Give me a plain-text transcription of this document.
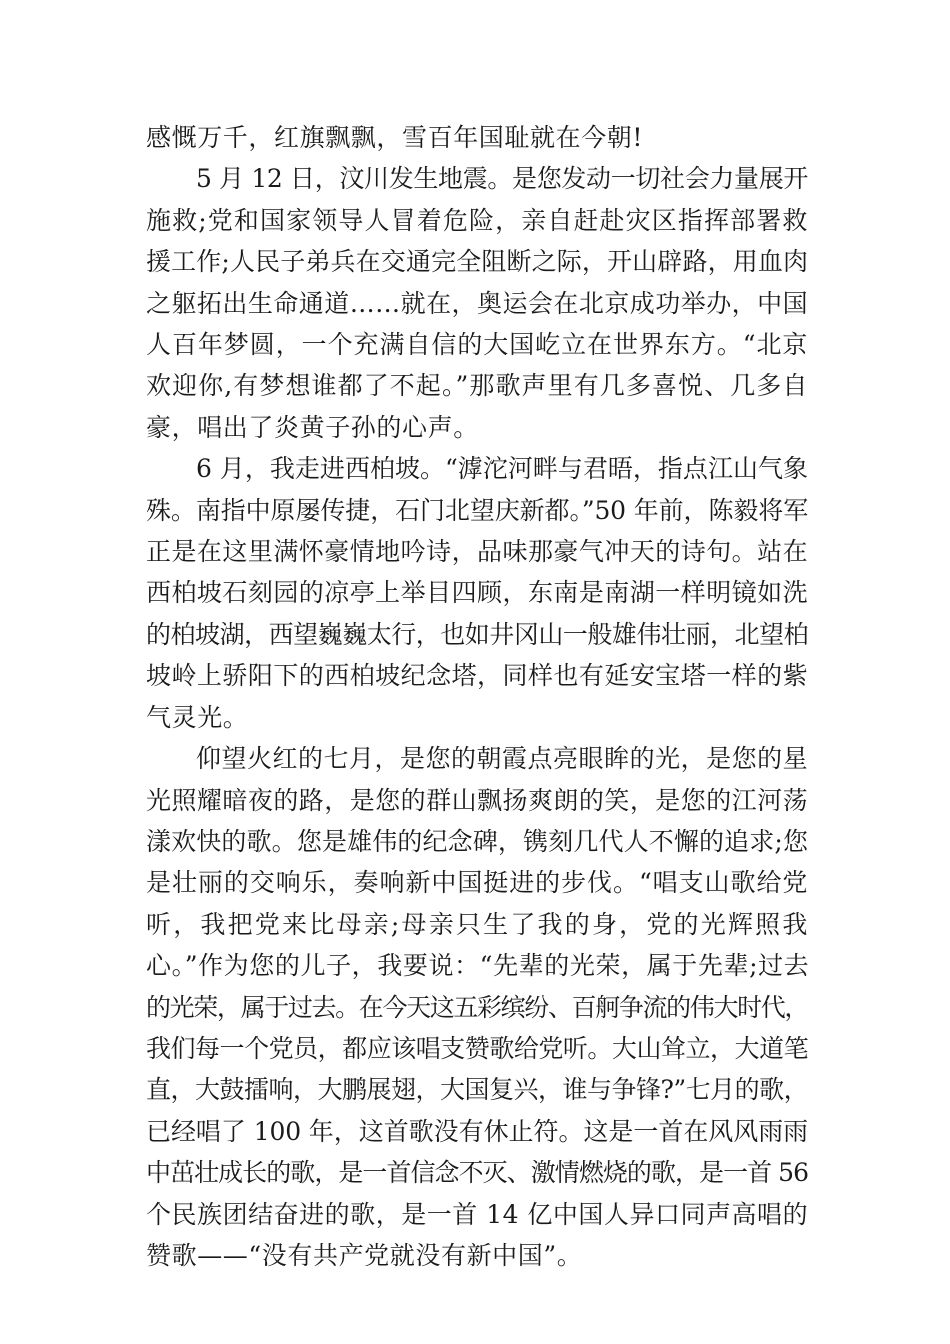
感慨万千，红旗飘飘，雪百年国耻就在今朝!
5 月 12 日，汶川发生地震。是您发动一切社会力量展开
施救;党和国家领导人冒着危险，亲自赶赴灾区指挥部署救
援工作;人民子弟兵在交通完全阻断之际，开山辟路，用血肉
之躯拓出生命通道……就在，奥运会在北京成功举办，中国
人百年梦圆，一个充满自信的大国屹立在世界东方。“北京
欢迎你,有梦想谁都了不起。”那歌声里有几多喜悦、几多自
豪，唱出了炎黄子孙的心声。
6 月，我走进西柏坡。“滹沱河畔与君晤，指点江山气象
殊。南指中原屡传捷，石门北望庆新都。”50 年前，陈毅将军
正是在这里满怀豪情地吟诗，品味那豪气冲天的诗句。站在
西柏坡石刻园的凉亭上举目四顾，东南是南湖一样明镜如洗
的柏坡湖，西望巍巍太行，也如井冈山一般雄伟壮丽，北望柏
坡岭上骄阳下的西柏坡纪念塔，同样也有延安宝塔一样的紫
气灵光。
仰望火红的七月，是您的朝霞点亮眼眸的光，是您的星
光照耀暗夜的路，是您的群山飘扬爽朗的笑，是您的江河荡
漾欢快的歌。您是雄伟的纪念碑，镌刻几代人不懈的追求;您
是壮丽的交响乐，奏响新中国挺进的步伐。“唱支山歌给党
听，我把党来比母亲;母亲只生了我的身，党的光辉照我
心。”作为您的儿子，我要说：“先辈的光荣，属于先辈;过去
的光荣，属于过去。在今天这五彩缤纷、百舸争流的伟大时代，
我们每一个党员，都应该唱支赞歌给党听。大山耸立，大道笔
直，大鼓擂响，大鹏展翅，大国复兴，谁与争锋?”七月的歌，
已经唱了 100 年，这首歌没有休止符。这是一首在风风雨雨
中茁壮成长的歌，是一首信念不灭、激情燃烧的歌，是一首 56
个民族团结奋进的歌，是一首 14 亿中国人异口同声高唱的
赞歌——“没有共产党就没有新中国”。
